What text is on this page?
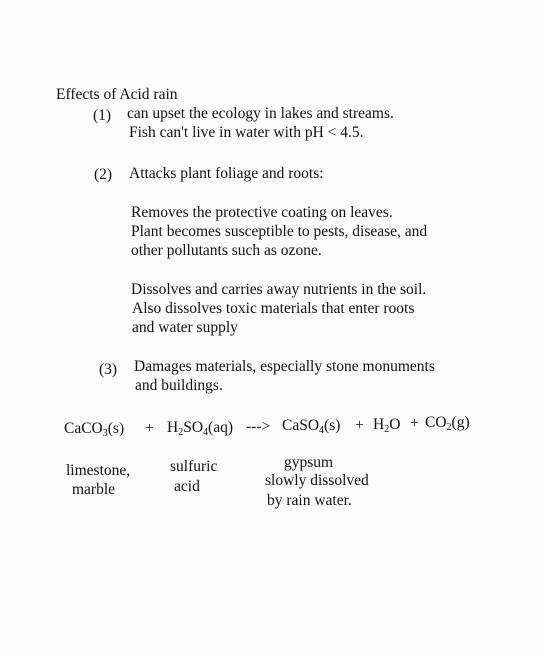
Effects of Acid rain
(1) can upset the ecology in lakes and streams.
Fish can't live in water with pH < 4.5.
(2) Attacks plant foliage and roots:
Removes the protective coating on leaves.
Plant becomes susceptible to pests, disease, and
other pollutants such as ozone.
Dissolves and carries away nutrients in the soil.
Also dissolves toxic materials that enter roots
and water supply
(3) Damages materials, especially stone monuments
and buildings.
CaCO$_3$(s) + $H_2SO_4(aq)$ ---> CaSO$_4$(s) + $H_2O + CO_2(g)$
limestone,
marble
sulfuric
acid
gypsum
slowly dissolved
by rain water.
